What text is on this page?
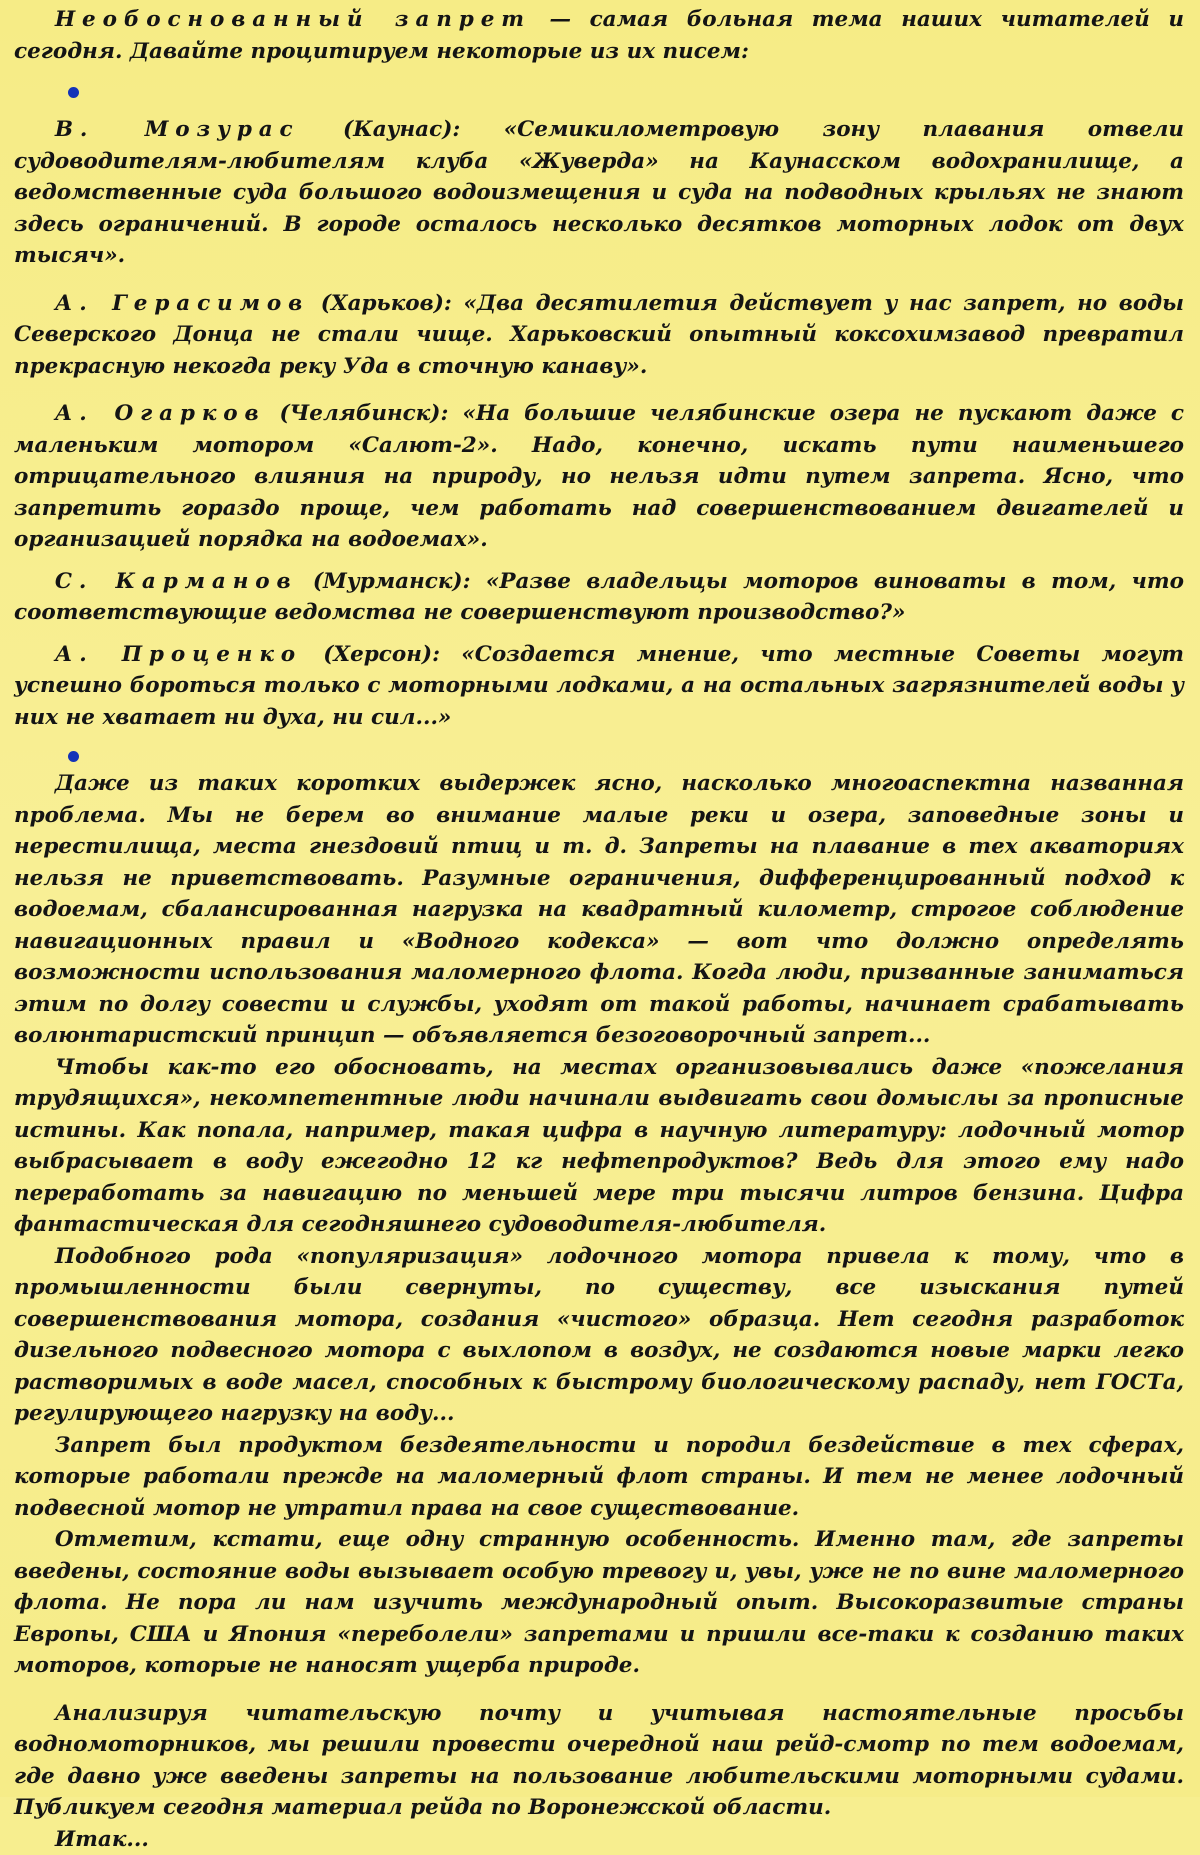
Необоснованный запрет — самая больная тема наших читателей и сегодня. Давайте процитируем некоторые из их писем:

В. Мозурас (Каунас): «Семикилометровую зону плавания отвели судоводителям-любителям клуба «Жуверда» на Каунасском водохранилище, а ведомственные суда большого водоизмещения и суда на подводных крыльях не знают здесь ограничений. В городе осталось несколько десятков моторных лодок от двух тысяч».

А. Герасимов (Харьков): «Два десятилетия действует у нас запрет, но воды Северского Донца не стали чище. Харьковский опытный коксохимзавод превратил прекрасную некогда реку Уда в сточную канаву».

А. Огарков (Челябинск): «На большие челябинские озера не пускают даже с маленьким мотором «Салют-2». Надо, конечно, искать пути наименьшего отрицательного влияния на природу, но нельзя идти путем запрета. Ясно, что запретить гораздо проще, чем работать над совершенствованием двигателей и организацией порядка на водоемах».

С. Карманов (Мурманск): «Разве владельцы моторов виноваты в том, что соответствующие ведомства не совершенствуют производство?»

А. Проценко (Херсон): «Создается мнение, что местные Советы могут успешно бороться только с моторными лодками, а на остальных загрязнителей воды у них не хватает ни духа, ни сил...»

Даже из таких коротких выдержек ясно, насколько многоаспектна названная проблема. Мы не берем во внимание малые реки и озера, заповедные зоны и нерестилища, места гнездовий птиц и т. д. Запреты на плавание в тех акваториях нельзя не приветствовать. Разумные ограничения, дифференцированный подход к водоемам, сбалансированная нагрузка на квадратный километр, строгое соблюдение навигационных правил и «Водного кодекса» — вот что должно определять возможности использования маломерного флота. Когда люди, призванные заниматься этим по долгу совести и службы, уходят от такой работы, начинает срабатывать волюнтаристский принцип — объявляется безоговорочный запрет...

Чтобы как-то его обосновать, на местах организовывались даже «пожелания трудящихся», некомпетентные люди начинали выдвигать свои домыслы за прописные истины. Как попала, например, такая цифра в научную литературу: лодочный мотор выбрасывает в воду ежегодно 12 кг нефтепродуктов? Ведь для этого ему надо переработать за навигацию по меньшей мере три тысячи литров бензина. Цифра фантастическая для сегодняшнего судоводителя-любителя.

Подобного рода «популяризация» лодочного мотора привела к тому, что в промышленности были свернуты, по существу, все изыскания путей совершенствования мотора, создания «чистого» образца. Нет сегодня разработок дизельного подвесного мотора с выхлопом в воздух, не создаются новые марки легко растворимых в воде масел, способных к быстрому биологическому распаду, нет ГОСТа, регулирующего нагрузку на воду...

Запрет был продуктом бездеятельности и породил бездействие в тех сферах, которые работали прежде на маломерный флот страны. И тем не менее лодочный подвесной мотор не утратил права на свое существование.

Отметим, кстати, еще одну странную особенность. Именно там, где запреты введены, состояние воды вызывает особую тревогу и, увы, уже не по вине маломерного флота. Не пора ли нам изучить международный опыт. Высокоразвитые страны Европы, США и Япония «переболели» запретами и пришли все-таки к созданию таких моторов, которые не наносят ущерба природе.

Анализируя читательскую почту и учитывая настоятельные просьбы водномоторников, мы решили провести очередной наш рейд-смотр по тем водоемам, где давно уже введены запреты на пользование любительскими моторными судами. Публикуем сегодня материал рейда по Воронежской области.

Итак...
